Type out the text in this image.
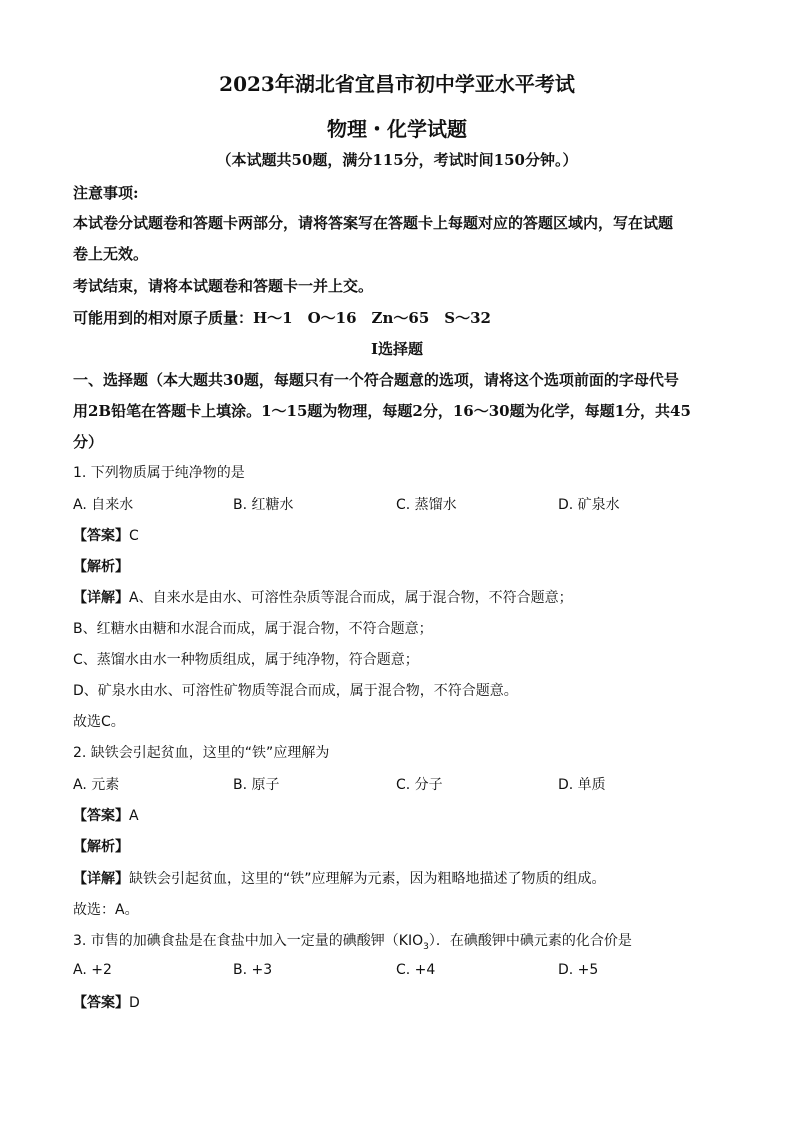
2023年湖北省宜昌市初中学亚水平考试
物理・化学试题
（本试题共50题，满分115分，考试时间150分钟。）
注意事项:
本试卷分试题卷和答题卡两部分，请将答案写在答题卡上每题对应的答题区域内，写在试题
卷上无效。
考试结束，请将本试题卷和答题卡一并上交。
可能用到的相对原子质量：H～1　O～16　Zn～65　S～32
Ⅰ选择题
一、选择题（本大题共30题，每题只有一个符合题意的选项，请将这个选项前面的字母代号
用2B铅笔在答题卡上填涂。1～15题为物理，每题2分，16～30题为化学，每题1分，共45
分）
1. 下列物质属于纯净物的是
A. 自来水	B. 红糖水	C. 蒸馏水	D. 矿泉水
【答案】C
【解析】
【详解】A、自来水是由水、可溶性杂质等混合而成，属于混合物，不符合题意；
B、红糖水由糖和水混合而成，属于混合物，不符合题意；
C、蒸馏水由水一种物质组成，属于纯净物，符合题意；
D、矿泉水由水、可溶性矿物质等混合而成，属于混合物，不符合题意。
故选C。
2. 缺铁会引起贫血，这里的“铁”应理解为
A. 元素	B. 原子	C. 分子	D. 单质
【答案】A
【解析】
【详解】缺铁会引起贫血，这里的“铁”应理解为元素，因为粗略地描述了物质的组成。
故选：A。
3. 市售的加碘食盐是在食盐中加入一定量的碘酸钾$(KIO_3)$．在碘酸钾中碘元素的化合价是
A. +2	B. +3	C. +4	D. +5
【答案】D
